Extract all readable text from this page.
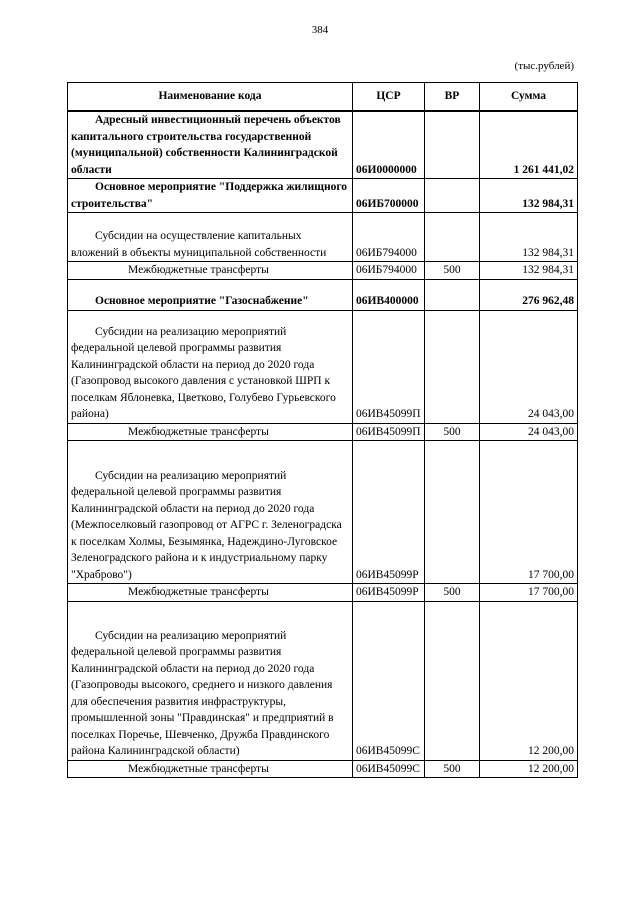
384
(тыс.рублей)
Наименование кода	ЦСР	ВР	Сумма
Адресный инвестиционный перечень объектов капитального строительства государственной (муниципальной) собственности Калининградской области	06И0000000		1 261 441,02
Основное мероприятие "Поддержка жилищного строительства"	06ИБ700000		132 984,31
Субсидии на осуществление капитальных вложений в объекты муниципальной собственности	06ИБ794000		132 984,31
Межбюджетные трансферты	06ИБ794000	500	132 984,31
Основное мероприятие "Газоснабжение"	06ИВ400000		276 962,48
Субсидии на реализацию мероприятий федеральной целевой программы развития Калининградской области на период до 2020 года (Газопровод высокого давления с установкой ШРП к поселкам Яблоневка, Цветково, Голубево Гурьевского района)	06ИВ45099П		24 043,00
Межбюджетные трансферты	06ИВ45099П	500	24 043,00
Субсидии на реализацию мероприятий федеральной целевой программы развития Калининградской области на период до 2020 года (Межпоселковый газопровод от АГРС г. Зеленоградска к поселкам Холмы, Безымянка, Надеждино-Луговское Зеленоградского района и к индустриальному парку "Храброво")	06ИВ45099Р		17 700,00
Межбюджетные трансферты	06ИВ45099Р	500	17 700,00
Субсидии на реализацию мероприятий федеральной целевой программы развития Калининградской области на период до 2020 года (Газопроводы высокого, среднего и низкого давления для обеспечения развития инфраструктуры, промышленной зоны "Правдинская" и предприятий в поселках Поречье, Шевченко, Дружба Правдинского района Калининградской области)	06ИВ45099С		12 200,00
Межбюджетные трансферты	06ИВ45099С	500	12 200,00
